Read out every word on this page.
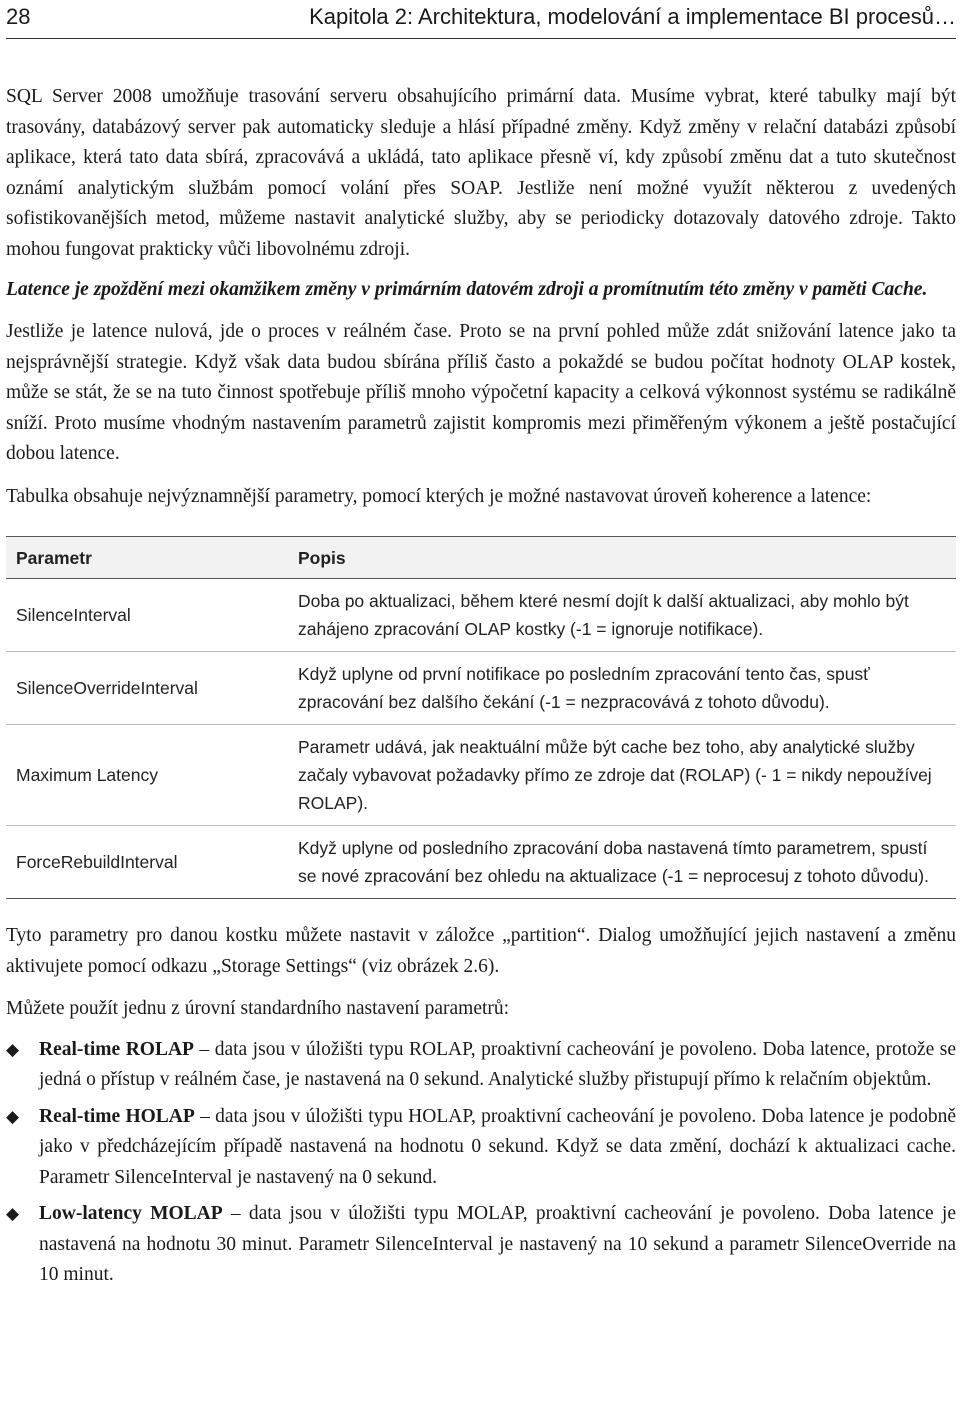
28	Kapitola 2: Architektura, modelování a implementace BI procesů…

SQL Server 2008 umožňuje trasování serveru obsahujícího primární data. Musíme vybrat, které tabulky mají být trasovány, databázový server pak automaticky sleduje a hlásí případné změny. Když změny v relační databázi způsobí aplikace, která tato data sbírá, zpracovává a ukládá, tato aplikace přesně ví, kdy způsobí změnu dat a tuto skutečnost oznámí analytickým službám pomocí volání přes SOAP. Jestliže není možné využít některou z uvedených sofistikovanějších metod, můžeme nastavit analytické služby, aby se periodicky dotazovaly datového zdroje. Takto mohou fungovat prakticky vůči libovolnému zdroji.

Latence je zpoždění mezi okamžikem změny v primárním datovém zdroji a promítnutím této změny v paměti Cache.

Jestliže je latence nulová, jde o proces v reálném čase. Proto se na první pohled může zdát snižování latence jako ta nejsprávnější strategie. Když však data budou sbírána příliš často a pokaždé se budou počítat hodnoty OLAP kostek, může se stát, že se na tuto činnost spotřebuje příliš mnoho výpočetní kapacity a celková výkonnost systému se radikálně sníží. Proto musíme vhodným nastavením parametrů zajistit kompromis mezi přiměřeným výkonem a ještě postačující dobou latence.

Tabulka obsahuje nejvýznamnější parametry, pomocí kterých je možné nastavovat úroveň koherence a latence:

Parametr	Popis
SilenceInterval	Doba po aktualizaci, během které nesmí dojít k další aktualizaci, aby mohlo být zahájeno zpracování OLAP kostky (-1 = ignoruje notifikace).
SilenceOverrideInterval	Když uplyne od první notifikace po posledním zpracování tento čas, spusť zpracování bez dalšího čekání (-1 = nezpracovává z tohoto důvodu).
Maximum Latency	Parametr udává, jak neaktuální může být cache bez toho, aby analytické služby začaly vybavovat požadavky přímo ze zdroje dat (ROLAP) (- 1 = nikdy nepoužívej ROLAP).
ForceRebuildInterval	Když uplyne od posledního zpracování doba nastavená tímto parametrem, spustí se nové zpracování bez ohledu na aktualizace (-1 = neprocesuj z tohoto důvodu).

Tyto parametry pro danou kostku můžete nastavit v záložce „partition“. Dialog umožňující jejich nastavení a změnu aktivujete pomocí odkazu „Storage Settings“ (viz obrázek 2.6).

Můžete použít jednu z úrovní standardního nastavení parametrů:

◆ Real-time ROLAP – data jsou v úložišti typu ROLAP, proaktivní cacheování je povoleno. Doba latence, protože se jedná o přístup v reálném čase, je nastavená na 0 sekund. Analytické služby přistupují přímo k relačním objektům.
◆ Real-time HOLAP – data jsou v úložišti typu HOLAP, proaktivní cacheování je povoleno. Doba latence je podobně jako v předcházejícím případě nastavená na hodnotu 0 sekund. Když se data změní, dochází k aktualizaci cache. Parametr SilenceInterval je nastavený na 0 sekund.
◆ Low-latency MOLAP – data jsou v úložišti typu MOLAP, proaktivní cacheování je povoleno. Doba latence je nastavená na hodnotu 30 minut. Parametr SilenceInterval je nastavený na 10 sekund a parametr SilenceOverride na 10 minut.
